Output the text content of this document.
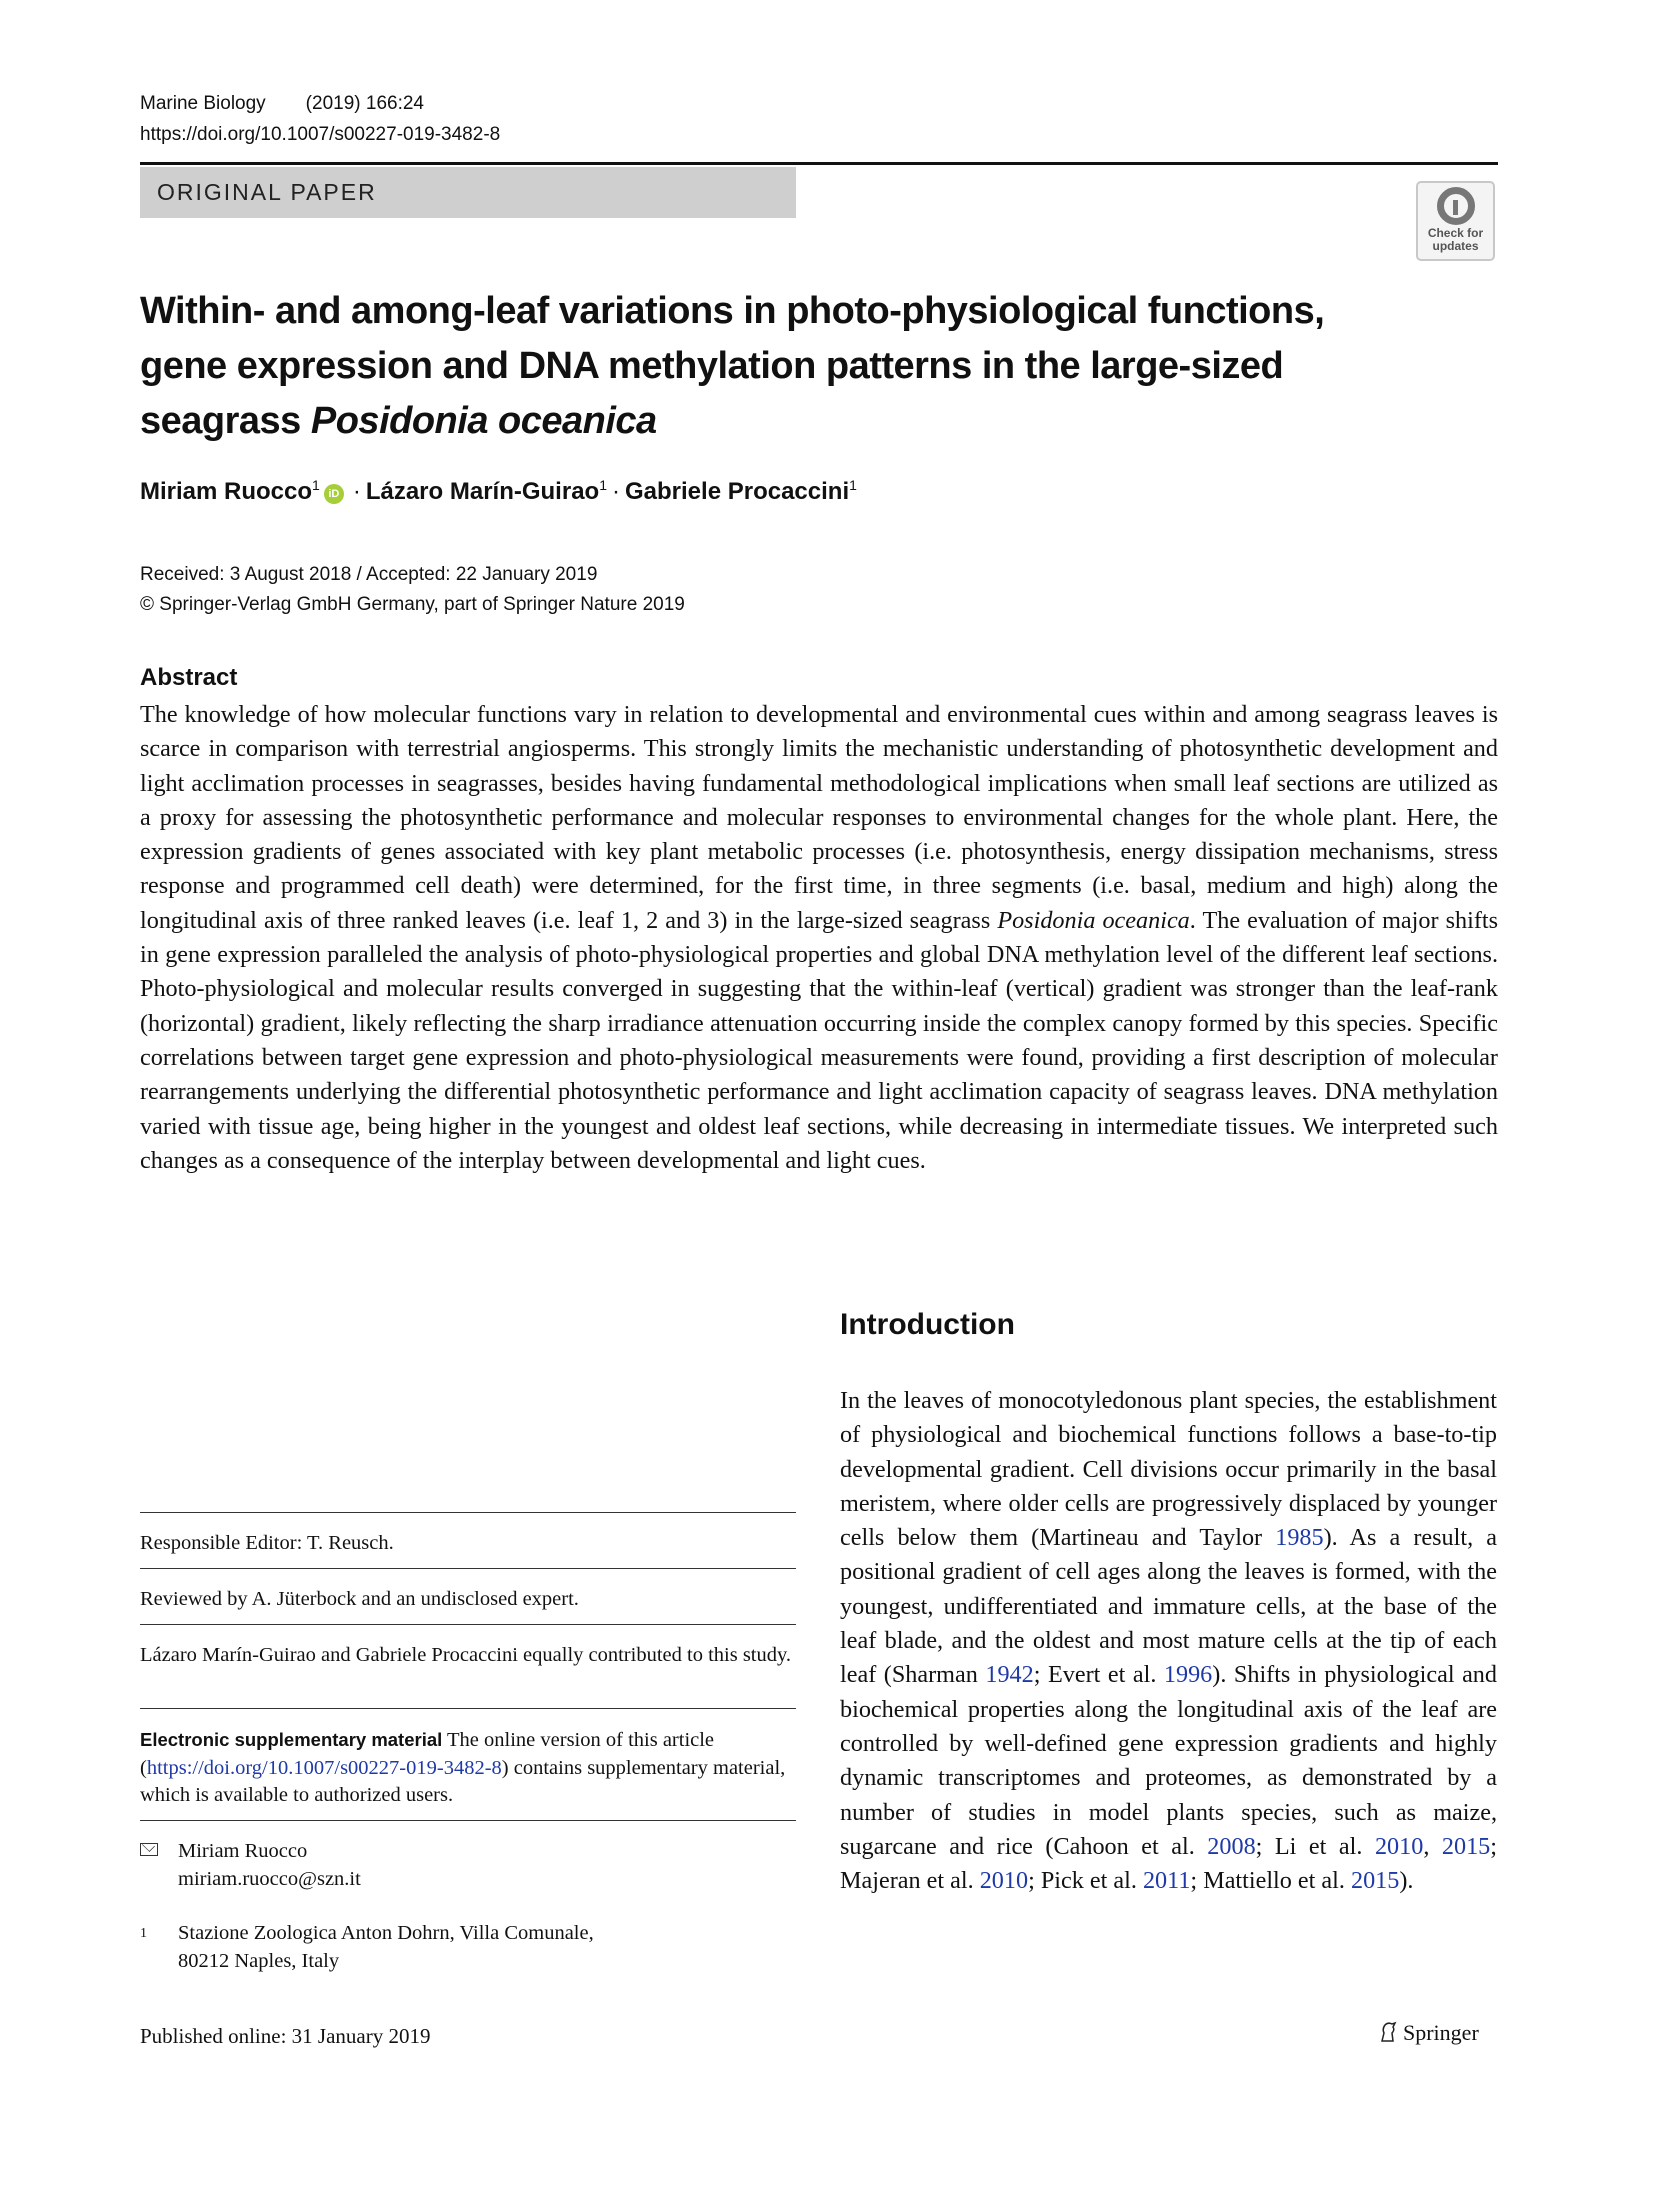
Marine Biology (2019) 166:24
https://doi.org/10.1007/s00227-019-3482-8
ORIGINAL PAPER
Check for updates
Within- and among-leaf variations in photo-physiological functions,
gene expression and DNA methylation patterns in the large-sized
seagrass Posidonia oceanica
Miriam Ruocco$^1$iD · Lázaro Marín-Guirao$^1$ · Gabriele Procaccini$^1$
Received: 3 August 2018 / Accepted: 22 January 2019
© Springer-Verlag GmbH Germany, part of Springer Nature 2019
Abstract
The knowledge of how molecular functions vary in relation to developmental and environmental cues within and among seagrass leaves is scarce in comparison with terrestrial angiosperms. This strongly limits the mechanistic understanding of photosynthetic development and light acclimation processes in seagrasses, besides having fundamental methodological implications when small leaf sections are utilized as a proxy for assessing the photosynthetic performance and molecular responses to environmental changes for the whole plant. Here, the expression gradients of genes associated with key plant metabolic processes (i.e. photosynthesis, energy dissipation mechanisms, stress response and programmed cell death) were determined, for the first time, in three segments (i.e. basal, medium and high) along the longitudinal axis of three ranked leaves (i.e. leaf 1, 2 and 3) in the large-sized seagrass Posidonia oceanica. The evaluation of major shifts in gene expression paralleled the analysis of photo-physiological properties and global DNA methylation level of the different leaf sections. Photo-physiological and molecular results converged in suggesting that the within-leaf (vertical) gradient was stronger than the leaf-rank (horizontal) gradient, likely reflecting the sharp irradiance attenuation occurring inside the complex canopy formed by this species. Specific correlations between target gene expression and photo-physiological measurements were found, providing a first description of molecular rearrangements underlying the differential photosynthetic performance and light acclimation capacity of seagrass leaves. DNA methylation varied with tissue age, being higher in the youngest and oldest leaf sections, while decreasing in intermediate tissues. We interpreted such changes as a consequence of the interplay between developmental and light cues.
Introduction
In the leaves of monocotyledonous plant species, the establishment of physiological and biochemical functions follows a base-to-tip developmental gradient. Cell divisions occur primarily in the basal meristem, where older cells are progressively displaced by younger cells below them (Martineau and Taylor 1985). As a result, a positional gradient of cell ages along the leaves is formed, with the youngest, undifferentiated and immature cells, at the base of the leaf blade, and the oldest and most mature cells at the tip of each leaf (Sharman 1942; Evert et al. 1996). Shifts in physiological and biochemical properties along the longitudinal axis of the leaf are controlled by well-defined gene expression gradients and highly dynamic transcriptomes and proteomes, as demonstrated by a number of studies in model plants species, such as maize, sugarcane and rice (Cahoon et al. 2008; Li et al. 2010, 2015; Majeran et al. 2010; Pick et al. 2011; Mattiello et al. 2015).
Responsible Editor: T. Reusch.
Reviewed by A. Jüterbock and an undisclosed expert.
Lázaro Marín-Guirao and Gabriele Procaccini equally contributed to this study.
Electronic supplementary material The online version of this article (https://doi.org/10.1007/s00227-019-3482-8) contains supplementary material, which is available to authorized users.
Miriam Ruocco
miriam.ruocco@szn.it
1 Stazione Zoologica Anton Dohrn, Villa Comunale,
80212 Naples, Italy
Published online: 31 January 2019	Springer
